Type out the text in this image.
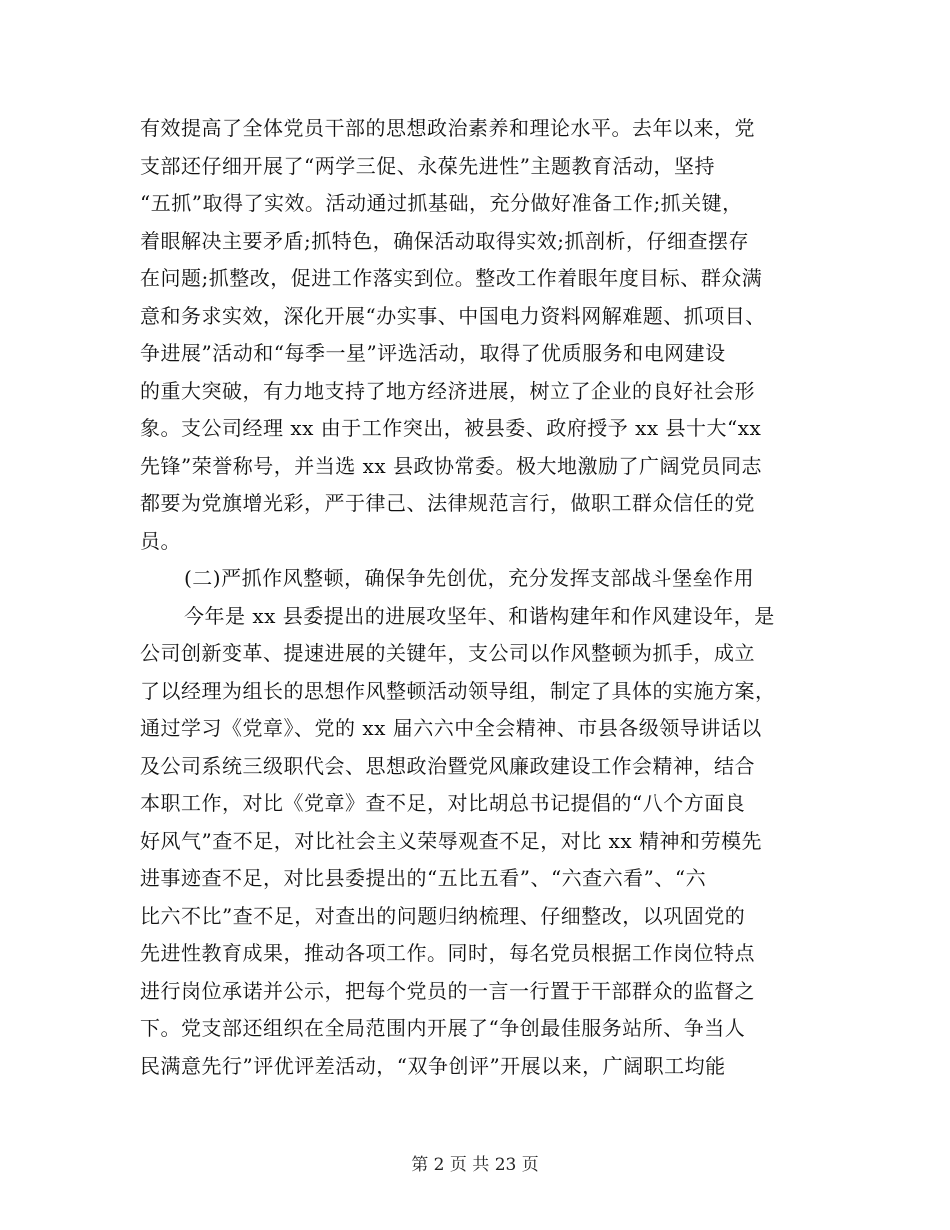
有效提高了全体党员干部的思想政治素养和理论水平。去年以来，党
支部还仔细开展了“两学三促、永葆先进性”主题教育活动，坚持
“五抓”取得了实效。活动通过抓基础，充分做好准备工作;抓关键，
着眼解决主要矛盾;抓特色，确保活动取得实效;抓剖析，仔细查摆存
在问题;抓整改，促进工作落实到位。整改工作着眼年度目标、群众满
意和务求实效，深化开展“办实事、中国电力资料网解难题、抓项目、
争进展”活动和“每季一星”评选活动，取得了优质服务和电网建设
的重大突破，有力地支持了地方经济进展，树立了企业的良好社会形
象。支公司经理 xx 由于工作突出，被县委、政府授予 xx 县十大“xx
先锋”荣誉称号，并当选 xx 县政协常委。极大地激励了广阔党员同志
都要为党旗增光彩，严于律己、法律规范言行，做职工群众信任的党
员。
(二)严抓作风整顿，确保争先创优，充分发挥支部战斗堡垒作用
今年是 xx 县委提出的进展攻坚年、和谐构建年和作风建设年，是
公司创新变革、提速进展的关键年，支公司以作风整顿为抓手，成立
了以经理为组长的思想作风整顿活动领导组，制定了具体的实施方案，
通过学习《党章》、党的 xx 届六六中全会精神、市县各级领导讲话以
及公司系统三级职代会、思想政治暨党风廉政建设工作会精神，结合
本职工作，对比《党章》查不足，对比胡总书记提倡的“八个方面良
好风气”查不足，对比社会主义荣辱观查不足，对比 xx 精神和劳模先
进事迹查不足，对比县委提出的“五比五看”、“六查六看”、“六
比六不比”查不足，对查出的问题归纳梳理、仔细整改，以巩固党的
先进性教育成果，推动各项工作。同时，每名党员根据工作岗位特点
进行岗位承诺并公示，把每个党员的一言一行置于干部群众的监督之
下。党支部还组织在全局范围内开展了“争创最佳服务站所、争当人
民满意先行”评优评差活动，“双争创评”开展以来，广阔职工均能
第 2 页 共 23 页
